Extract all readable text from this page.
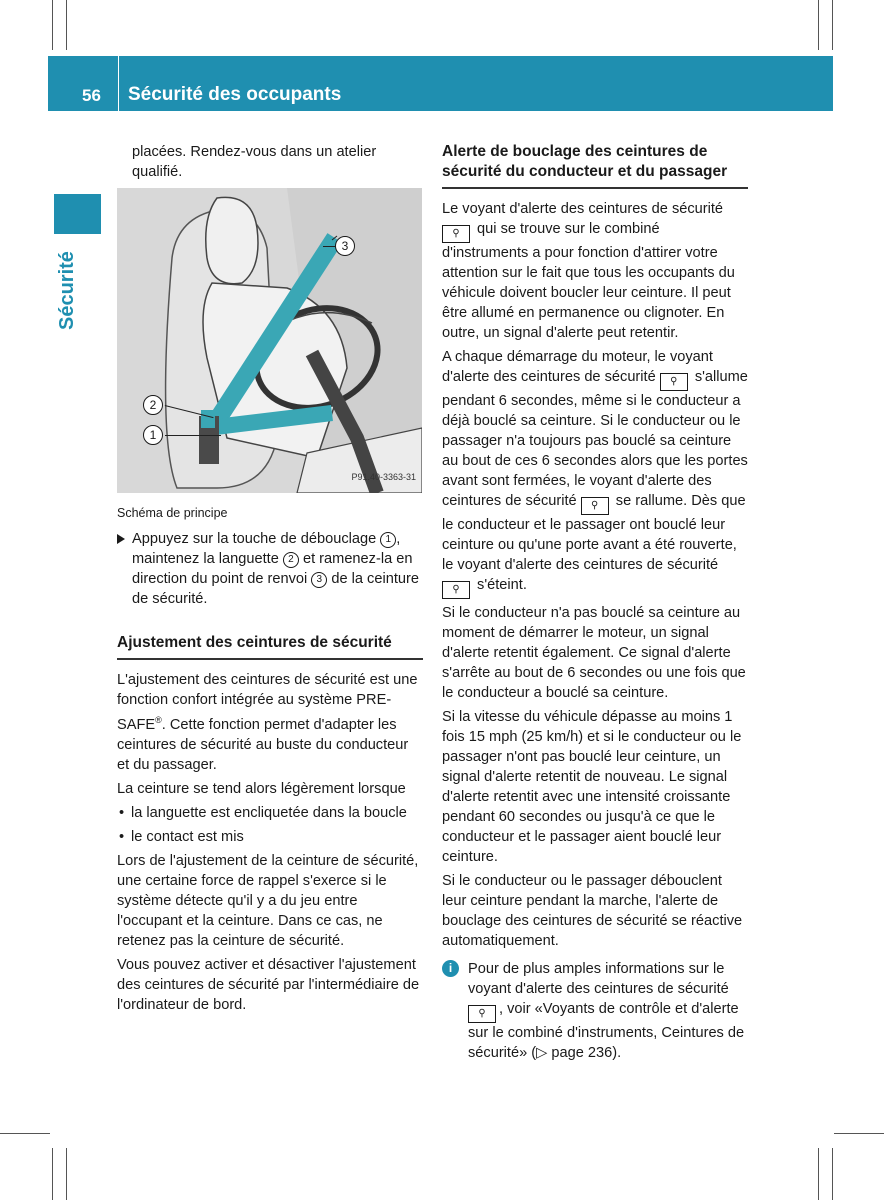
56 Sécurité des occupants
Sécurité

placées. Rendez-vous dans un atelier qualifié.

3
2
1
P91.40-3363-31

Schéma de principe

Appuyez sur la touche de débouclage 1 , maintenez la languette 2 et ramenez-la en direction du point de renvoi 3 de la ceinture de sécurité.

Ajustement des ceintures de sécurité

L'ajustement des ceintures de sécurité est une fonction confort intégrée au système PRE-SAFE®. Cette fonction permet d'adapter les ceintures de sécurité au buste du conducteur et du passager.

La ceinture se tend alors légèrement lorsque

• la languette est encliquetée dans la boucle
• le contact est mis

Lors de l'ajustement de la ceinture de sécurité, une certaine force de rappel s'exerce si le système détecte qu'il y a du jeu entre l'occupant et la ceinture. Dans ce cas, ne retenez pas la ceinture de sécurité.

Vous pouvez activer et désactiver l'ajustement des ceintures de sécurité par l'intermédiaire de l'ordinateur de bord.

Alerte de bouclage des ceintures de sécurité du conducteur et du passager

Le voyant d'alerte des ceintures de sécurité ⚲ qui se trouve sur le combiné d'instruments a pour fonction d'attirer votre attention sur le fait que tous les occupants du véhicule doivent boucler leur ceinture. Il peut être allumé en permanence ou clignoter. En outre, un signal d'alerte peut retentir.

A chaque démarrage du moteur, le voyant d'alerte des ceintures de sécurité ⚲ s'allume pendant 6 secondes, même si le conducteur a déjà bouclé sa ceinture. Si le conducteur ou le passager n'a toujours pas bouclé sa ceinture au bout de ces 6 secondes alors que les portes avant sont fermées, le voyant d'alerte des ceintures de sécurité ⚲ se rallume. Dès que le conducteur et le passager ont bouclé leur ceinture ou qu'une porte avant a été rouverte, le voyant d'alerte des ceintures de sécurité ⚲ s'éteint.

Si le conducteur n'a pas bouclé sa ceinture au moment de démarrer le moteur, un signal d'alerte retentit également. Ce signal d'alerte s'arrête au bout de 6 secondes ou une fois que le conducteur a bouclé sa ceinture.

Si la vitesse du véhicule dépasse au moins 1 fois 15 mph (25 km/h) et si le conducteur ou le passager n'ont pas bouclé leur ceinture, un signal d'alerte retentit de nouveau. Le signal d'alerte retentit avec une intensité croissante pendant 60 secondes ou jusqu'à ce que le conducteur et le passager aient bouclé leur ceinture.

Si le conducteur ou le passager débouclent leur ceinture pendant la marche, l'alerte de bouclage des ceintures de sécurité se réactive automatiquement.

i	Pour de plus amples informations sur le voyant d'alerte des ceintures de sécurité ⚲ , voir «Voyants de contrôle et d'alerte sur le combiné d'instruments, Ceintures de sécurité» (▷ page 236).
